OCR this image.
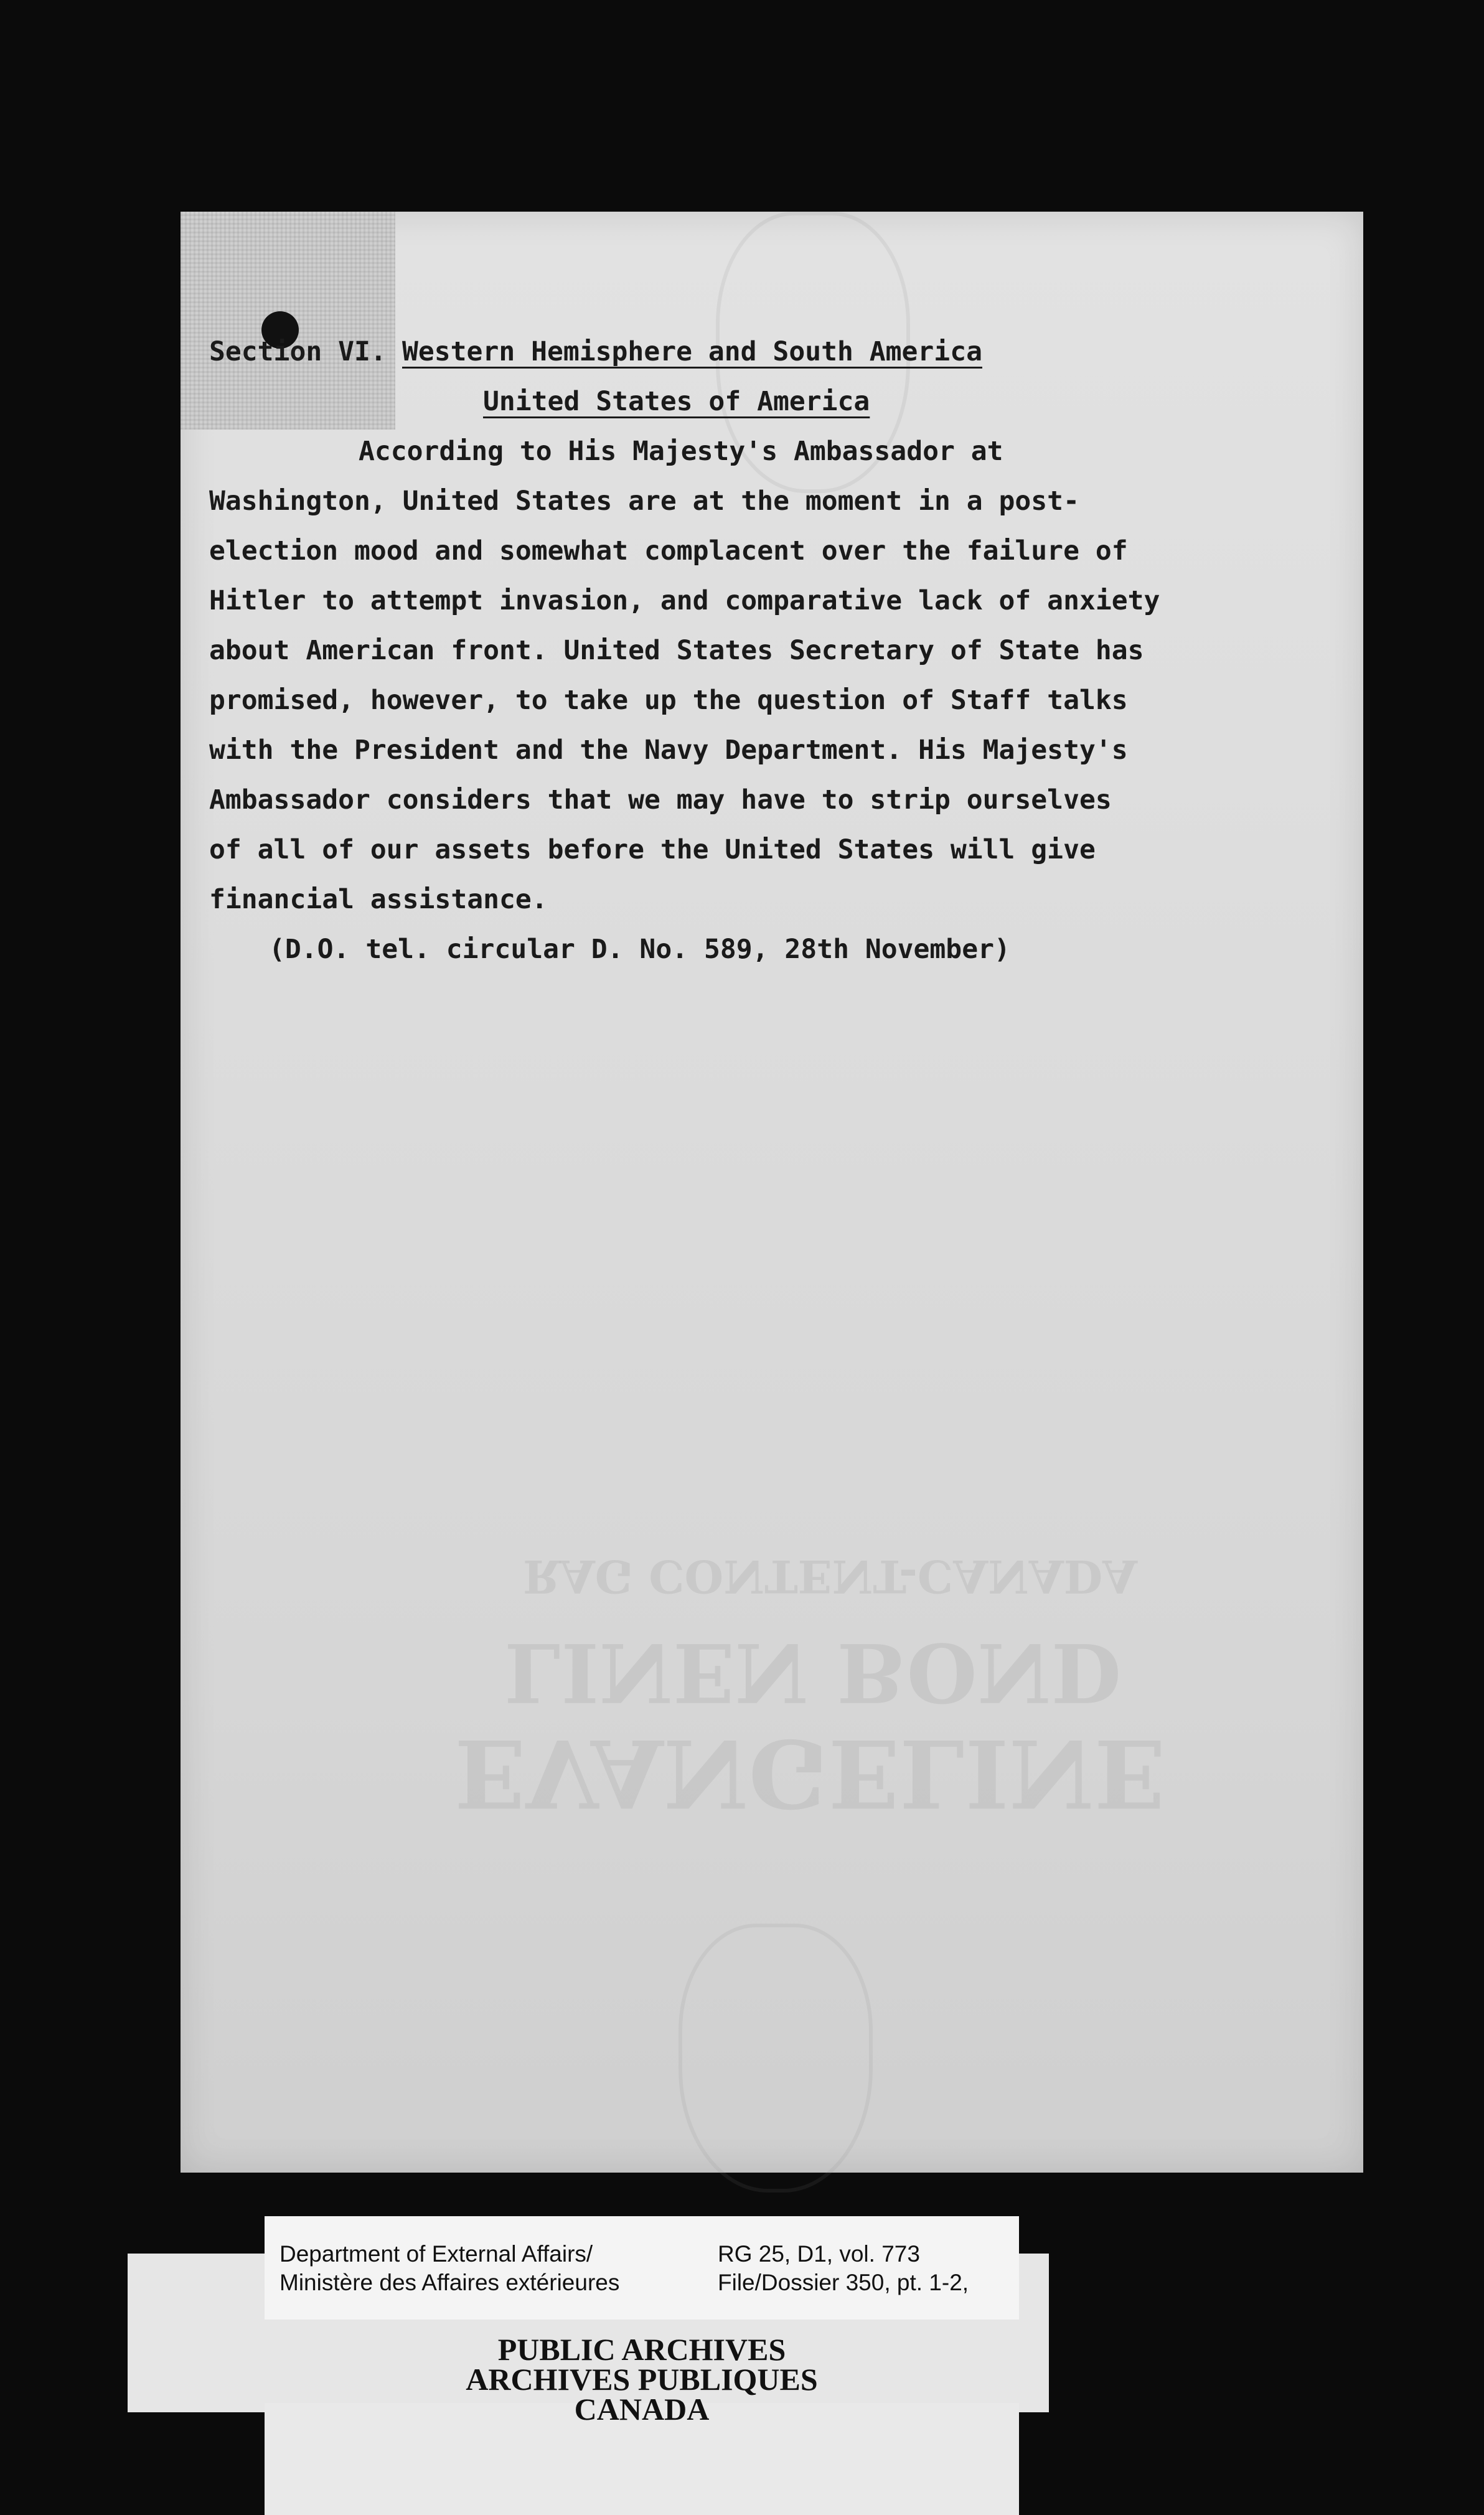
RAG CONTENT-CANADA
LINEN BOND
EVANGELINE
Section VI. Western Hemisphere and South America
United States of America
According to His Majesty's Ambassador at
Washington, United States are at the moment in a post-
election mood and somewhat complacent over the failure of
Hitler to attempt invasion, and comparative lack of anxiety
about American front. United States Secretary of State has
promised, however, to take up the question of Staff talks
with the President and the Navy Department. His Majesty's
Ambassador considers that we may have to strip ourselves
of all of our assets before the United States will give
financial assistance.
(D.O. tel. circular D. No. 589, 28th November)
Department of External Affairs/
Ministère des Affaires extérieures
RG 25, D1, vol. 773
File/Dossier 350, pt. 1-2,
PUBLIC ARCHIVES
ARCHIVES PUBLIQUES
CANADA
